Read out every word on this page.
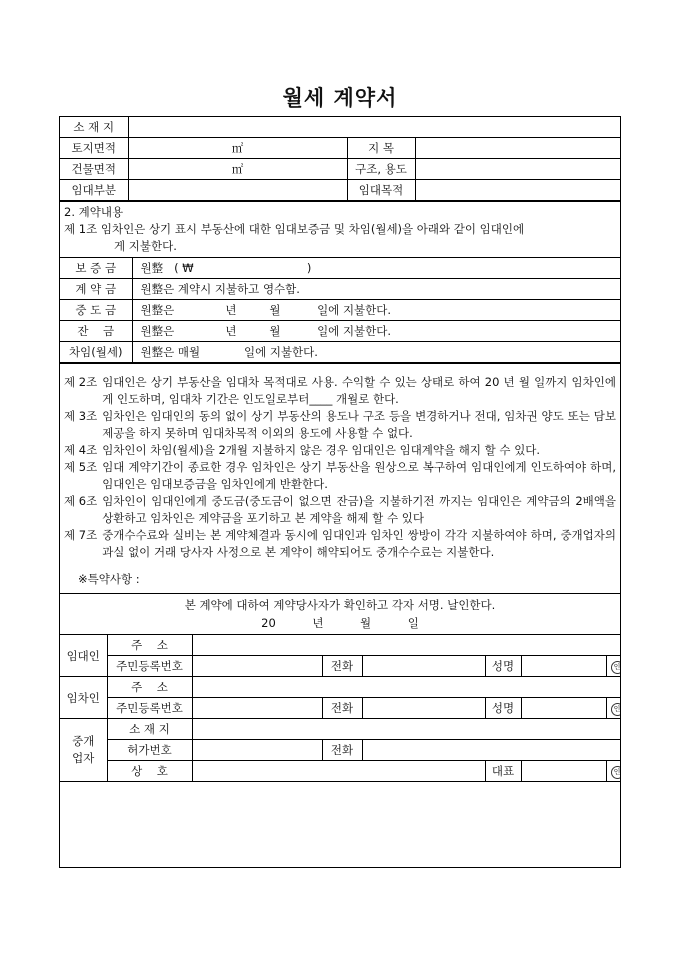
월세 계약서
소 재 지			
토지면적	㎡	지 목	
건물면적	㎡	구조, 용도	
임대부분		임대목적	
2. 계약내용
제 1조
임차인은 상기 표시 부동산에 대한 임대보증금 및 차임(월세)을 아래와 같이 임대인에
게 지불한다.
보 증 금	원整   ( ₩                               )
계 약 금	원整은 계약시 지불하고 영수함.
중 도 금	원整은              년         월          일에 지불한다.
잔    금	원整은              년         월          일에 지불한다.
차임(월세)	원整은 매월            일에 지불한다.
제 2조 임대인은 상기 부동산을 임대차 목적대로 사용. 수익할 수 있는 상태로 하여 20 년 월 일까지 임차인에게 인도하며, 임대차 기간은 인도일로부터____ 개월로 한다.
제 3조 임차인은 임대인의 동의 없이 상기 부동산의 용도나 구조 등을 변경하거나 전대, 임차권 양도 또는 담보제공을 하지 못하며 임대차목적 이외의 용도에 사용할 수 없다.
제 4조 임차인이 차임(월세)을 2개월 지불하지 않은 경우 임대인은 임대계약을 해지 할 수 있다.
제 5조 임대 계약기간이 종료한 경우 임차인은 상기 부동산을 원상으로 복구하여 임대인에게 인도하여야 하며, 임대인은 임대보증금을 임차인에게 반환한다.
제 6조 임차인이 임대인에게 중도금(중도금이 없으면 잔금)을 지불하기전 까지는 임대인은 계약금의 2배액을 상환하고 임차인은 계약금을 포기하고 본 계약을 해제 할 수 있다
제 7조 중개수수료와 실비는 본 계약체결과 동시에 임대인과 임차인 쌍방이 각각 지불하여야 하며, 중개업자의 과실 없이 거래 당사자 사정으로 본 계약이 해약되어도 중개수수료는 지불한다.
※특약사항 :
본 계약에 대하여 계약당사자가 확인하고 각자 서명. 날인한다.
20          년          월          일
임대인	주    소						
	주민등록번호		전화		성명		인
임차인	주    소						
	주민등록번호		전화		성명		인
중개
업자	소 재 지						
	허가번호		전화				
	상    호				대표		인
